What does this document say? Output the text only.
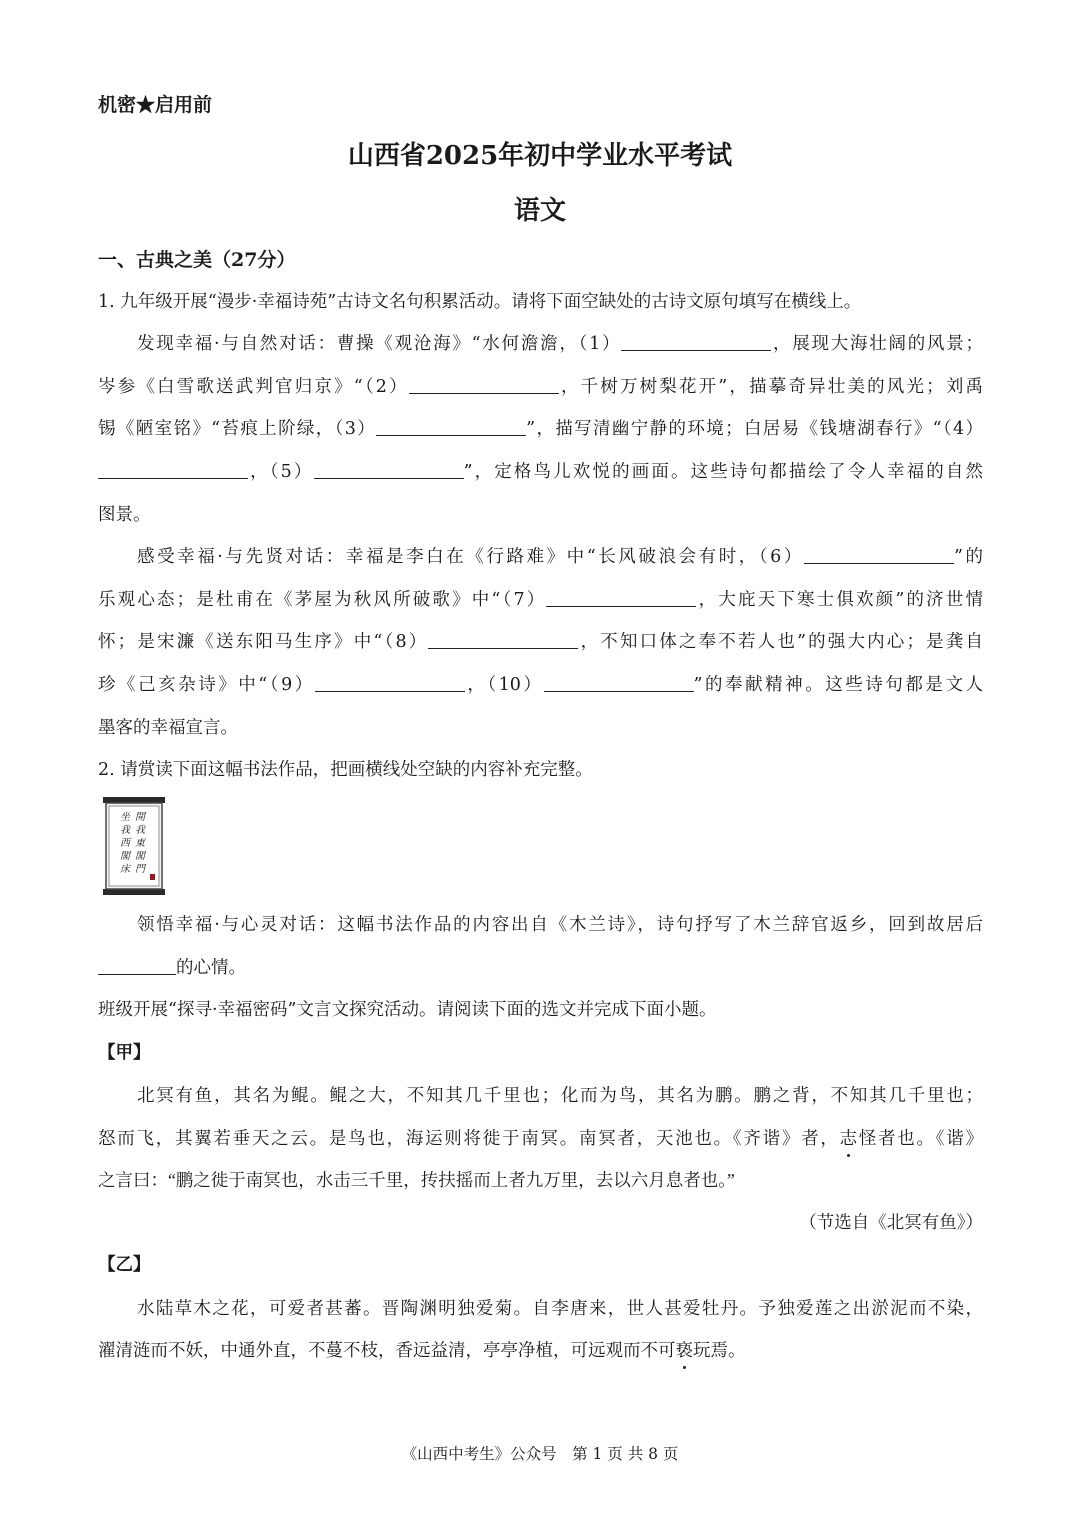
机密★启用前
山西省2025年初中学业水平考试
语文
一、古典之美（27分）
1. 九年级开展“漫步·幸福诗苑”古诗文名句积累活动。请将下面空缺处的古诗文原句填写在横线上。
发现幸福·与自然对话：曹操《观沧海》“水何澹澹，（1）	，展现大海壮阔的风景；
岑参《白雪歌送武判官归京》“（2）	，千树万树梨花开”，描摹奇异壮美的风光；刘禹
锡《陋室铭》“苔痕上阶绿，（3）	”，描写清幽宁静的环境；白居易《钱塘湖春行》“（4）
，（5）	”，定格鸟儿欢悦的画面。这些诗句都描绘了令人幸福的自然
图景。
感受幸福·与先贤对话：幸福是李白在《行路难》中“长风破浪会有时，（6）	”的
乐观心态；是杜甫在《茅屋为秋风所破歌》中“（7）	，大庇天下寒士俱欢颜”的济世情
怀；是宋濂《送东阳马生序》中“（8）	，不知口体之奉不若人也”的强大内心；是龚自
珍《己亥杂诗》中“（9）	，（10）	”的奉献精神。这些诗句都是文人
墨客的幸福宣言。
2. 请赏读下面这幅书法作品，把画横线处空缺的内容补充完整。
開
我
東
閣
門
坐
我
西
閣
床
领悟幸福·与心灵对话：这幅书法作品的内容出自《木兰诗》，诗句抒写了木兰辞官返乡，回到故居后
的心情。
班级开展“探寻·幸福密码”文言文探究活动。请阅读下面的选文并完成下面小题。
【甲】
北冥有鱼，其名为鲲。鲲之大，不知其几千里也；化而为鸟，其名为鹏。鹏之背，不知其几千里也；
怒而飞，其翼若垂天之云。是鸟也，海运则将徙于南冥。南冥者，天池也。《齐谐》者，志怪者也。《谐》
之言曰：“鹏之徙于南冥也，水击三千里，抟扶摇而上者九万里，去以六月息者也。”
（节选自《北冥有鱼》）
【乙】
水陆草木之花，可爱者甚蕃。晋陶渊明独爱菊。自李唐来，世人甚爱牡丹。予独爱莲之出淤泥而不染，
濯清涟而不妖，中通外直，不蔓不枝，香远益清，亭亭净植，可远观而不可亵玩焉。
《山西中考生》公众号　第 1 页 共 8 页
